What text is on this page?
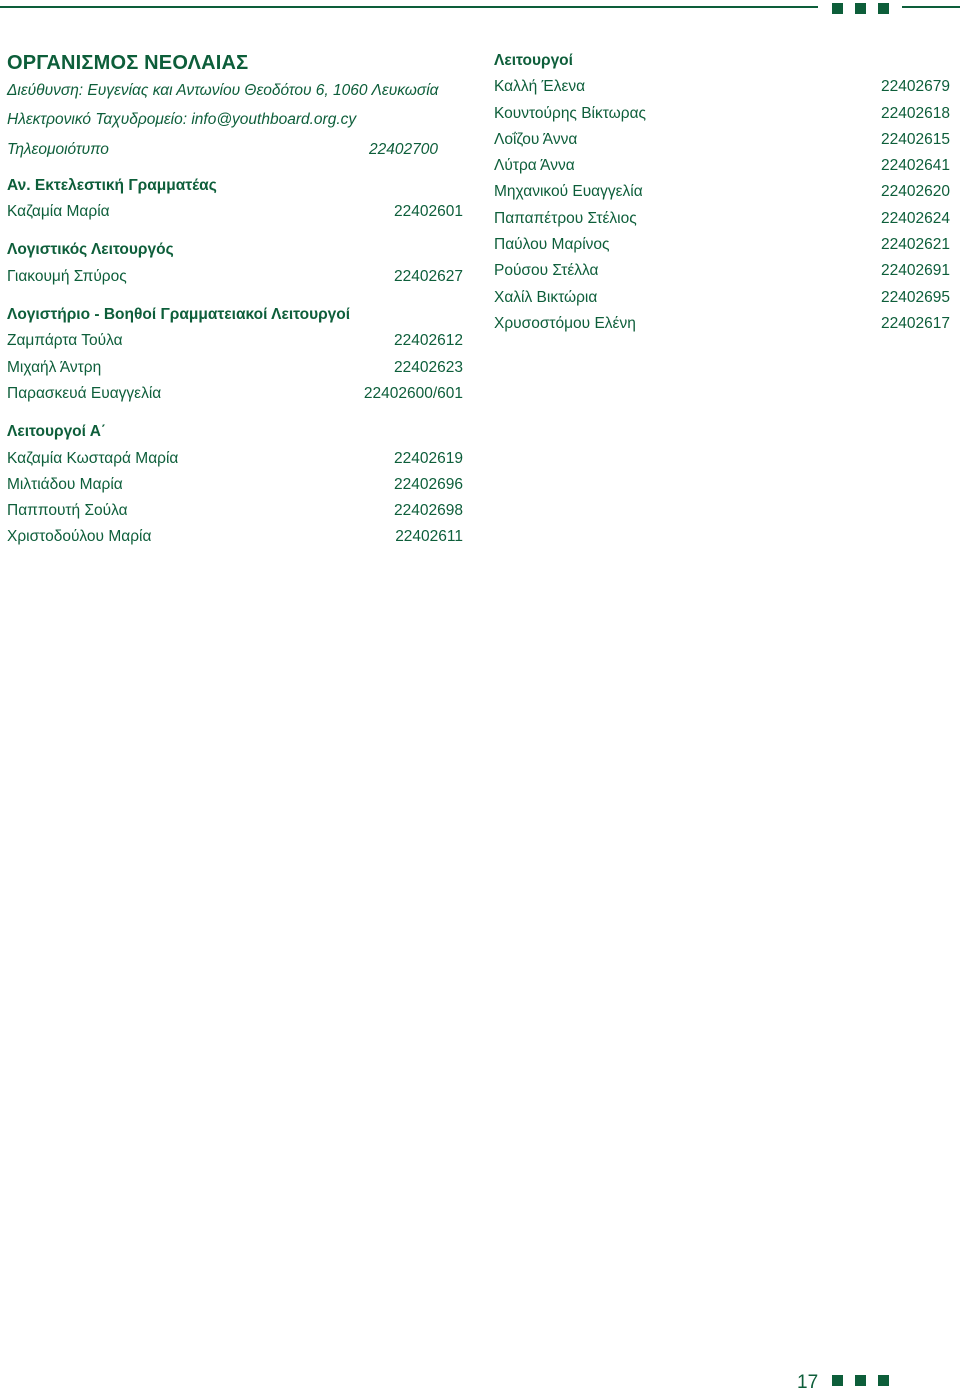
ΟΡΓΑΝΙΣΜΟΣ ΝΕΟΛΑΙΑΣ
Διεύθυνση: Ευγενίας και Αντωνίου Θεοδότου 6, 1060 Λευκωσία
Ηλεκτρονικό Ταχυδρομείο: info@youthboard.org.cy
Τηλεομοιότυπο	22402700
Αν. Εκτελεστική Γραμματέας
Καζαμία Μαρία	22402601
Λογιστικός Λειτουργός
Γιακουμή Σπύρος	22402627
Λογιστήριο - Βοηθοί Γραμματειακοί Λειτουργοί
Ζαμπάρτα Τούλα	22402612
Μιχαήλ Άντρη	22402623
Παρασκευά Ευαγγελία	22402600/601
Λειτουργοί Α΄
Καζαμία Κωσταρά Μαρία	22402619
Μιλτιάδου Μαρία	22402696
Παππουτή Σούλα	22402698
Χριστοδούλου Μαρία	22402611
Λειτουργοί
Καλλή Έλενα	22402679
Κουντούρης Βίκτωρας	22402618
Λοΐζου Άννα	22402615
Λύτρα Άννα	22402641
Μηχανικού Ευαγγελία	22402620
Παπαπέτρου Στέλιος	22402624
Παύλου Μαρίνος	22402621
Ρούσου Στέλλα	22402691
Χαλίλ Βικτώρια	22402695
Χρυσοστόμου Ελένη	22402617
17
